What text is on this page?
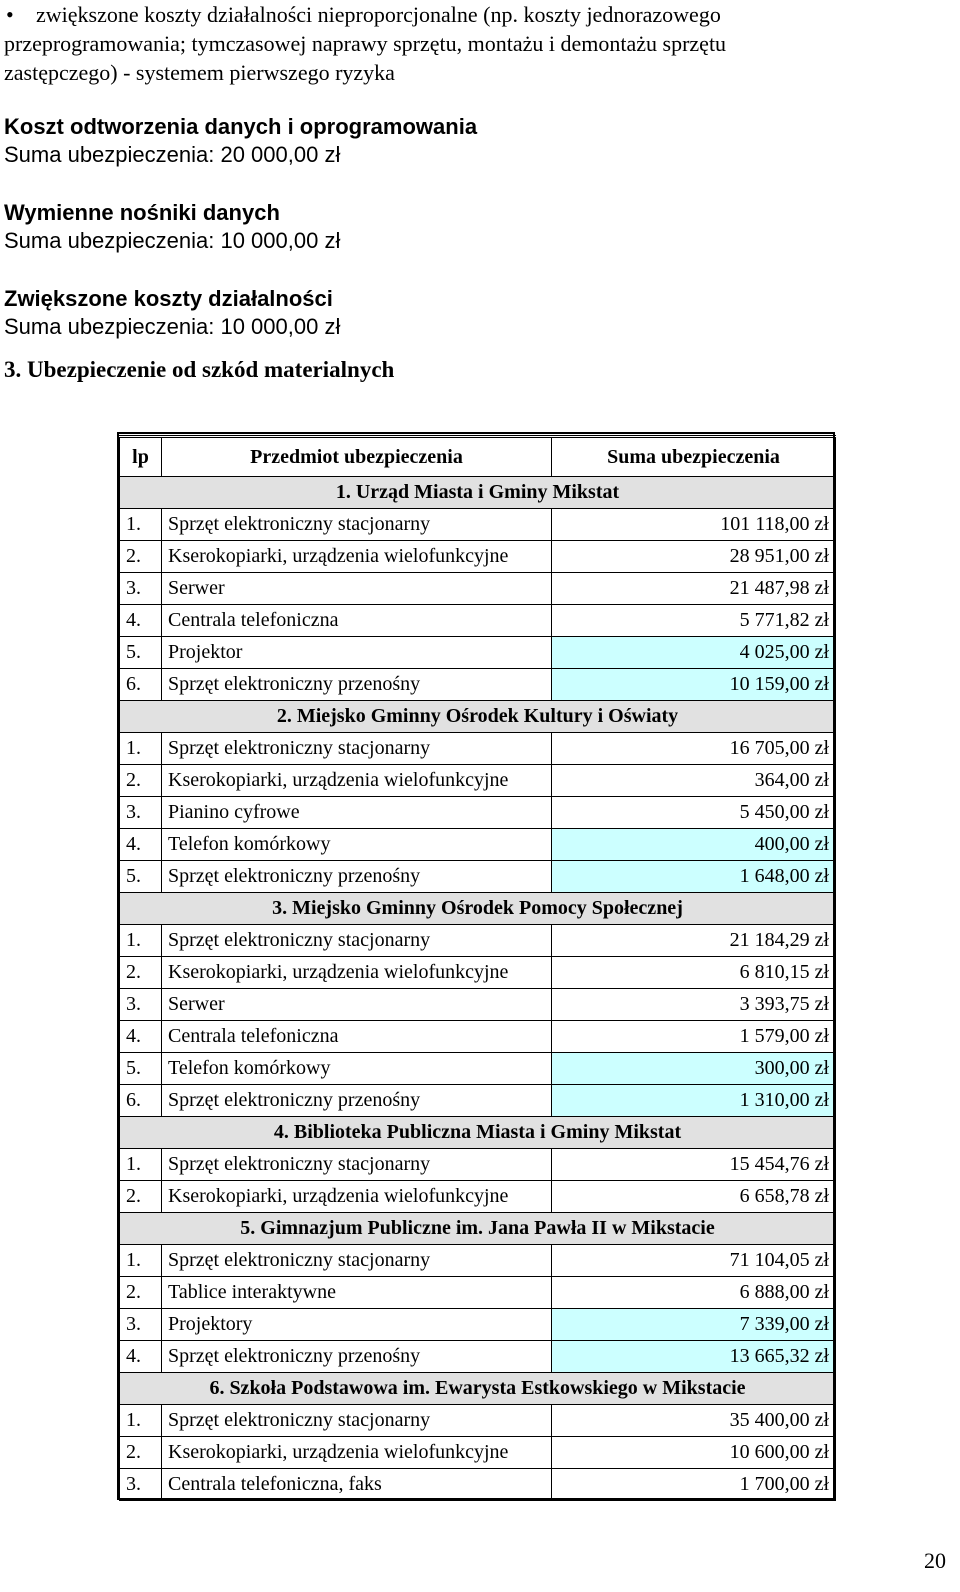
• zwiększone koszty działalności nieproporcjonalne (np. koszty jednorazowego
przeprogramowania; tymczasowej naprawy sprzętu, montażu i demontażu sprzętu
zastępczego) - systemem pierwszego ryzyka
Koszt odtworzenia danych i oprogramowania
Suma ubezpieczenia: 20 000,00 zł
Wymienne nośniki danych
Suma ubezpieczenia: 10 000,00 zł
Zwiększone koszty działalności
Suma ubezpieczenia: 10 000,00 zł
3. Ubezpieczenie od szkód materialnych
lp	Przedmiot ubezpieczenia	Suma ubezpieczenia
1. Urząd Miasta i Gminy Mikstat		
1.	Sprzęt elektroniczny stacjonarny	101 118,00 zł
2.	Kserokopiarki, urządzenia wielofunkcyjne	28 951,00 zł
3.	Serwer	21 487,98 zł
4.	Centrala telefoniczna	5 771,82 zł
5.	Projektor	4 025,00 zł
6.	Sprzęt elektroniczny przenośny	10 159,00 zł
2. Miejsko Gminny Ośrodek Kultury i Oświaty		
1.	Sprzęt elektroniczny stacjonarny	16 705,00 zł
2.	Kserokopiarki, urządzenia wielofunkcyjne	364,00 zł
3.	Pianino cyfrowe	5 450,00 zł
4.	Telefon komórkowy	400,00 zł
5.	Sprzęt elektroniczny przenośny	1 648,00 zł
3. Miejsko Gminny Ośrodek Pomocy Społecznej		
1.	Sprzęt elektroniczny stacjonarny	21 184,29 zł
2.	Kserokopiarki, urządzenia wielofunkcyjne	6 810,15 zł
3.	Serwer	3 393,75 zł
4.	Centrala telefoniczna	1 579,00 zł
5.	Telefon komórkowy	300,00 zł
6.	Sprzęt elektroniczny przenośny	1 310,00 zł
4. Biblioteka Publiczna Miasta i Gminy Mikstat		
1.	Sprzęt elektroniczny stacjonarny	15 454,76 zł
2.	Kserokopiarki, urządzenia wielofunkcyjne	6 658,78 zł
5. Gimnazjum Publiczne im. Jana Pawła II w Mikstacie		
1.	Sprzęt elektroniczny stacjonarny	71 104,05 zł
2.	Tablice interaktywne	6 888,00 zł
3.	Projektory	7 339,00 zł
4.	Sprzęt elektroniczny przenośny	13 665,32 zł
6. Szkoła Podstawowa im. Ewarysta Estkowskiego w Mikstacie		
1.	Sprzęt elektroniczny stacjonarny	35 400,00 zł
2.	Kserokopiarki, urządzenia wielofunkcyjne	10 600,00 zł
3.	Centrala telefoniczna, faks	1 700,00 zł
20
